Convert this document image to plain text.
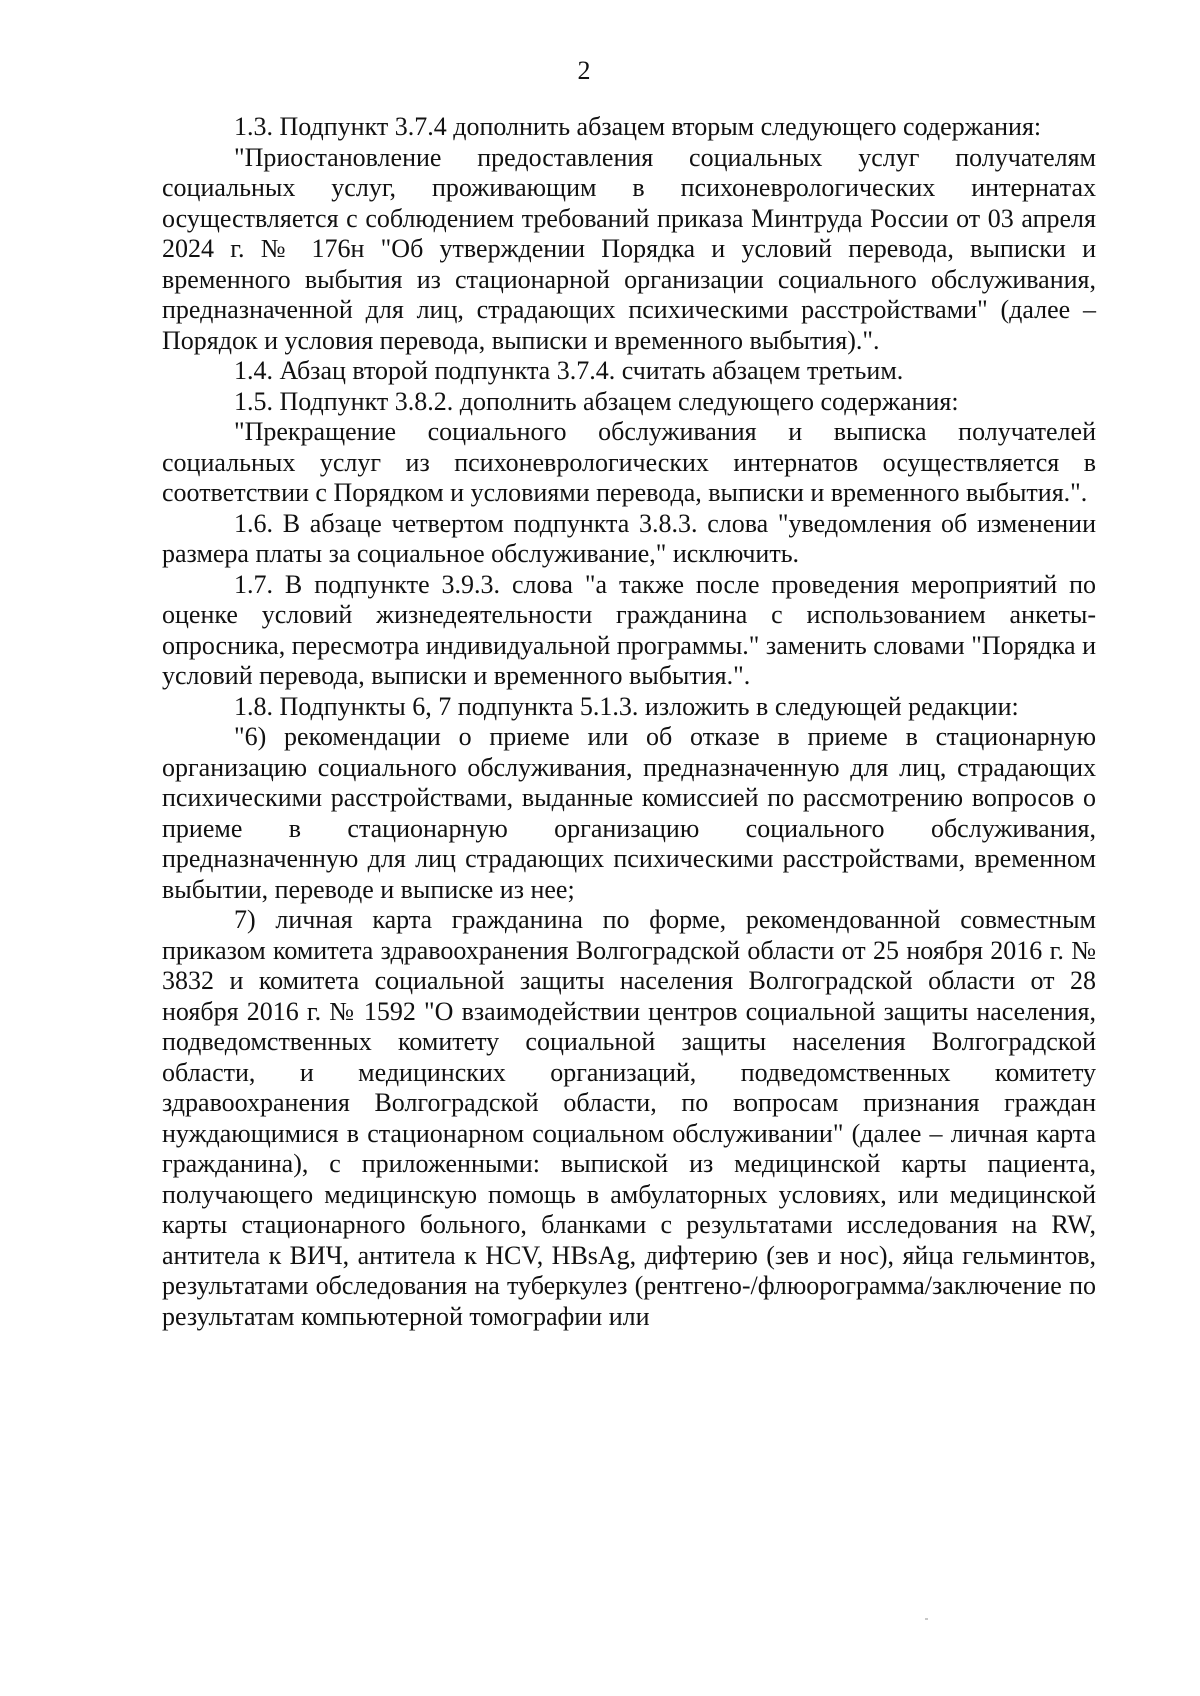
2

1.3. Подпункт 3.7.4 дополнить абзацем вторым следующего содержания:

"Приостановление предоставления социальных услуг получателям социальных услуг, проживающим в психоневрологических интернатах осуществляется с соблюдением требований приказа Минтруда России от 03 апреля 2024 г. № 176н "Об утверждении Порядка и условий перевода, выписки и временного выбытия из стационарной организации социального обслуживания, предназначенной для лиц, страдающих психическими расстройствами" (далее – Порядок и условия перевода, выписки и временного выбытия).".

1.4. Абзац второй подпункта 3.7.4. считать абзацем третьим.

1.5. Подпункт 3.8.2. дополнить абзацем следующего содержания:

"Прекращение социального обслуживания и выписка получателей социальных услуг из психоневрологических интернатов осуществляется в соответствии с Порядком и условиями перевода, выписки и временного выбытия.".

1.6. В абзаце четвертом подпункта 3.8.3. слова "уведомления об изменении размера платы за социальное обслуживание," исключить.

1.7. В подпункте 3.9.3. слова "а также после проведения мероприятий по оценке условий жизнедеятельности гражданина с использованием анкеты-опросника, пересмотра индивидуальной программы." заменить словами "Порядка и условий перевода, выписки и временного выбытия.".

1.8. Подпункты 6, 7 подпункта 5.1.3. изложить в следующей редакции:

"6) рекомендации о приеме или об отказе в приеме в стационарную организацию социального обслуживания, предназначенную для лиц, страдающих психическими расстройствами, выданные комиссией по рассмотрению вопросов о приеме в стационарную организацию социального обслуживания, предназначенную для лиц страдающих психическими расстройствами, временном выбытии, переводе и выписке из нее;

7) личная карта гражданина по форме, рекомендованной совместным приказом комитета здравоохранения Волгоградской области от 25 ноября 2016 г. № 3832 и комитета социальной защиты населения Волгоградской области от 28 ноября 2016 г. № 1592 "О взаимодействии центров социальной защиты населения, подведомственных комитету социальной защиты населения Волгоградской области, и медицинских организаций, подведомственных комитету здравоохранения Волгоградской области, по вопросам признания граждан нуждающимися в стационарном социальном обслуживании" (далее – личная карта гражданина), с приложенными: выпиской из медицинской карты пациента, получающего медицинскую помощь в амбулаторных условиях, или медицинской карты стационарного больного, бланками с результатами исследования на RW, антитела к ВИЧ, антитела к HCV, HBsAg, дифтерию (зев и нос), яйца гельминтов, результатами обследования на туберкулез (рентгено-/флюорограмма/заключение по результатам компьютерной томографии или
